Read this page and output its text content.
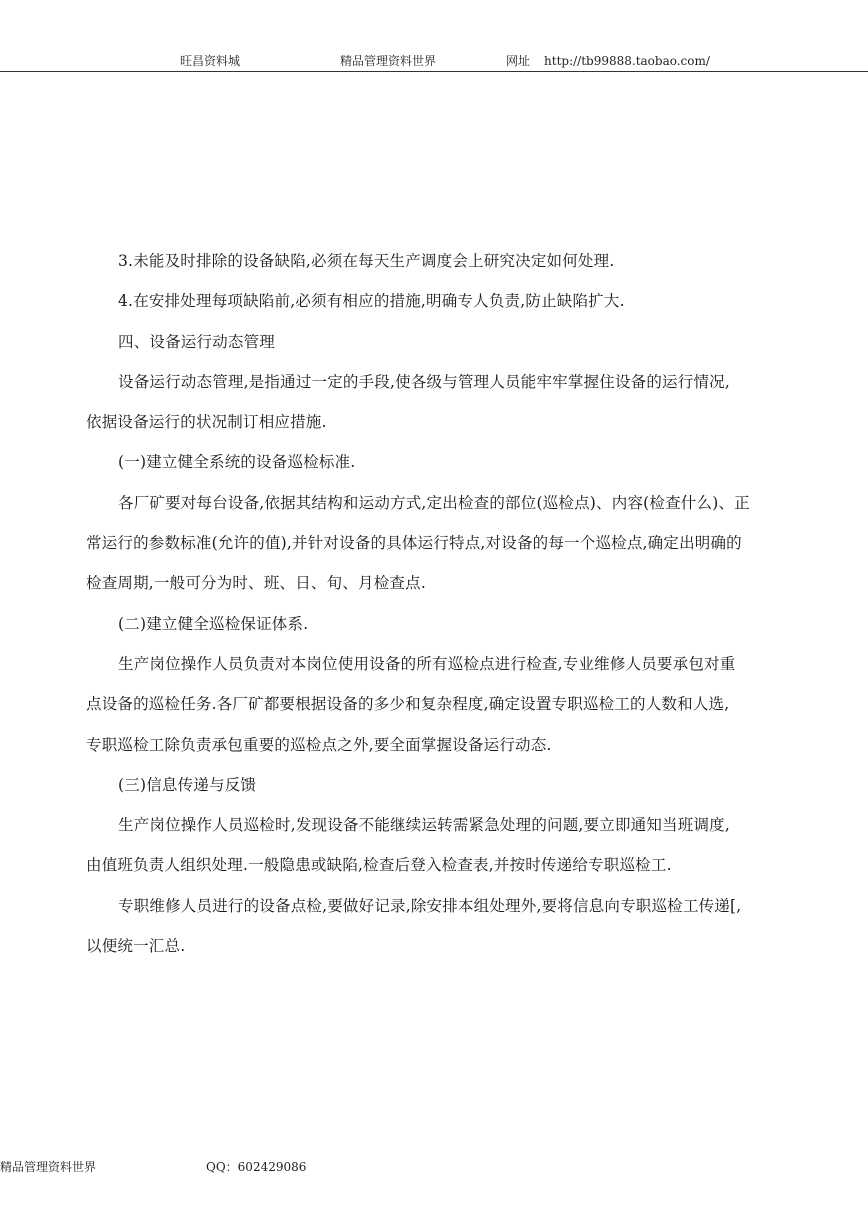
旺昌资料城	精品管理资料世界	网址 http://tb99888.taobao.com/

3.未能及时排除的设备缺陷,必须在每天生产调度会上研究决定如何处理.

4.在安排处理每项缺陷前,必须有相应的措施,明确专人负责,防止缺陷扩大.

四、设备运行动态管理

设备运行动态管理,是指通过一定的手段,使各级与管理人员能牢牢掌握住设备的运行情况,

依据设备运行的状况制订相应措施.

(一)建立健全系统的设备巡检标准.

各厂矿要对每台设备,依据其结构和运动方式,定出检查的部位(巡检点)、内容(检查什么)、正

常运行的参数标准(允许的值),并针对设备的具体运行特点,对设备的每一个巡检点,确定出明确的

检查周期,一般可分为时、班、日、旬、月检查点.

(二)建立健全巡检保证体系.

生产岗位操作人员负责对本岗位使用设备的所有巡检点进行检查,专业维修人员要承包对重

点设备的巡检任务.各厂矿都要根据设备的多少和复杂程度,确定设置专职巡检工的人数和人选,

专职巡检工除负责承包重要的巡检点之外,要全面掌握设备运行动态.

(三)信息传递与反馈

生产岗位操作人员巡检时,发现设备不能继续运转需紧急处理的问题,要立即通知当班调度,

由值班负责人组织处理.一般隐患或缺陷,检查后登入检查表,并按时传递给专职巡检工.

专职维修人员进行的设备点检,要做好记录,除安排本组处理外,要将信息向专职巡检工传递[,

以便统一汇总.

精品管理资料世界	QQ：602429086
